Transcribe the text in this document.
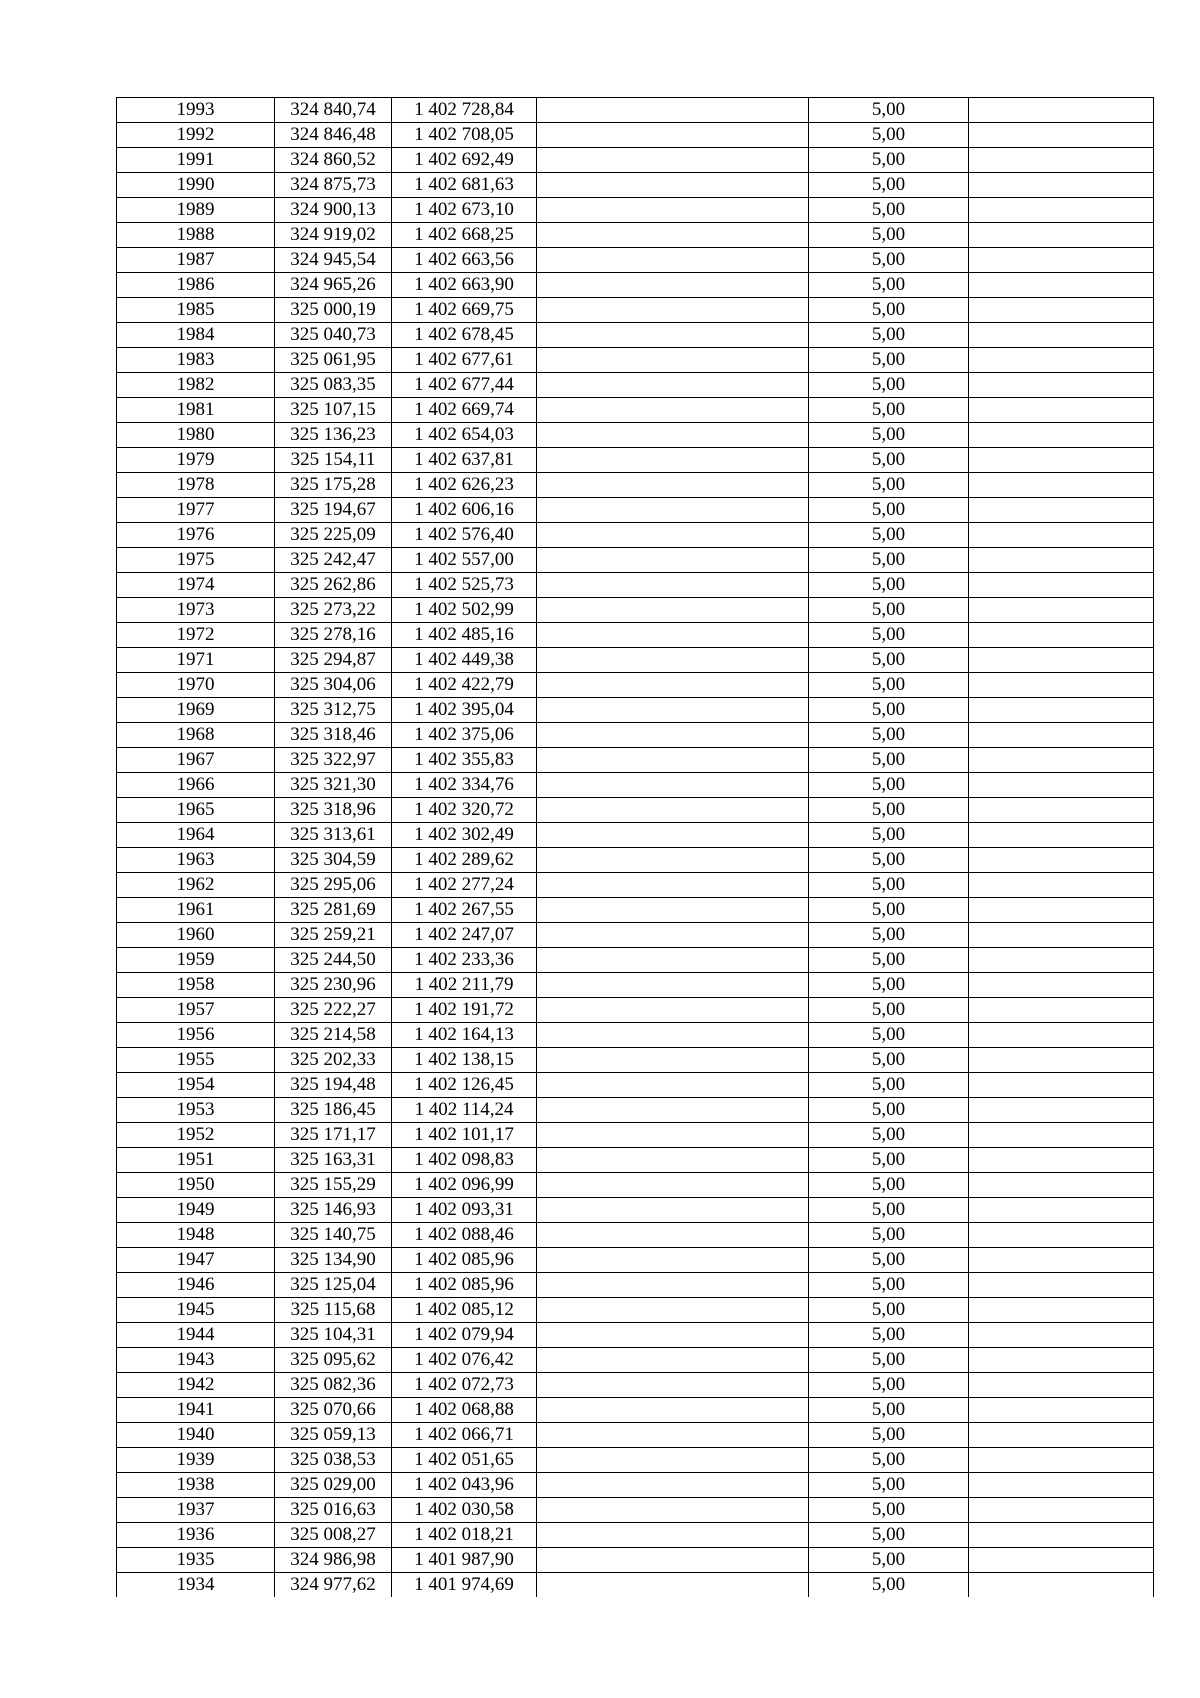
1993	324 840,74	1 402 728,84		5,00	
1992	324 846,48	1 402 708,05		5,00	
1991	324 860,52	1 402 692,49		5,00	
1990	324 875,73	1 402 681,63		5,00	
1989	324 900,13	1 402 673,10		5,00	
1988	324 919,02	1 402 668,25		5,00	
1987	324 945,54	1 402 663,56		5,00	
1986	324 965,26	1 402 663,90		5,00	
1985	325 000,19	1 402 669,75		5,00	
1984	325 040,73	1 402 678,45		5,00	
1983	325 061,95	1 402 677,61		5,00	
1982	325 083,35	1 402 677,44		5,00	
1981	325 107,15	1 402 669,74		5,00	
1980	325 136,23	1 402 654,03		5,00	
1979	325 154,11	1 402 637,81		5,00	
1978	325 175,28	1 402 626,23		5,00	
1977	325 194,67	1 402 606,16		5,00	
1976	325 225,09	1 402 576,40		5,00	
1975	325 242,47	1 402 557,00		5,00	
1974	325 262,86	1 402 525,73		5,00	
1973	325 273,22	1 402 502,99		5,00	
1972	325 278,16	1 402 485,16		5,00	
1971	325 294,87	1 402 449,38		5,00	
1970	325 304,06	1 402 422,79		5,00	
1969	325 312,75	1 402 395,04		5,00	
1968	325 318,46	1 402 375,06		5,00	
1967	325 322,97	1 402 355,83		5,00	
1966	325 321,30	1 402 334,76		5,00	
1965	325 318,96	1 402 320,72		5,00	
1964	325 313,61	1 402 302,49		5,00	
1963	325 304,59	1 402 289,62		5,00	
1962	325 295,06	1 402 277,24		5,00	
1961	325 281,69	1 402 267,55		5,00	
1960	325 259,21	1 402 247,07		5,00	
1959	325 244,50	1 402 233,36		5,00	
1958	325 230,96	1 402 211,79		5,00	
1957	325 222,27	1 402 191,72		5,00	
1956	325 214,58	1 402 164,13		5,00	
1955	325 202,33	1 402 138,15		5,00	
1954	325 194,48	1 402 126,45		5,00	
1953	325 186,45	1 402 114,24		5,00	
1952	325 171,17	1 402 101,17		5,00	
1951	325 163,31	1 402 098,83		5,00	
1950	325 155,29	1 402 096,99		5,00	
1949	325 146,93	1 402 093,31		5,00	
1948	325 140,75	1 402 088,46		5,00	
1947	325 134,90	1 402 085,96		5,00	
1946	325 125,04	1 402 085,96		5,00	
1945	325 115,68	1 402 085,12		5,00	
1944	325 104,31	1 402 079,94		5,00	
1943	325 095,62	1 402 076,42		5,00	
1942	325 082,36	1 402 072,73		5,00	
1941	325 070,66	1 402 068,88		5,00	
1940	325 059,13	1 402 066,71		5,00	
1939	325 038,53	1 402 051,65		5,00	
1938	325 029,00	1 402 043,96		5,00	
1937	325 016,63	1 402 030,58		5,00	
1936	325 008,27	1 402 018,21		5,00	
1935	324 986,98	1 401 987,90		5,00	
1934	324 977,62	1 401 974,69		5,00	
